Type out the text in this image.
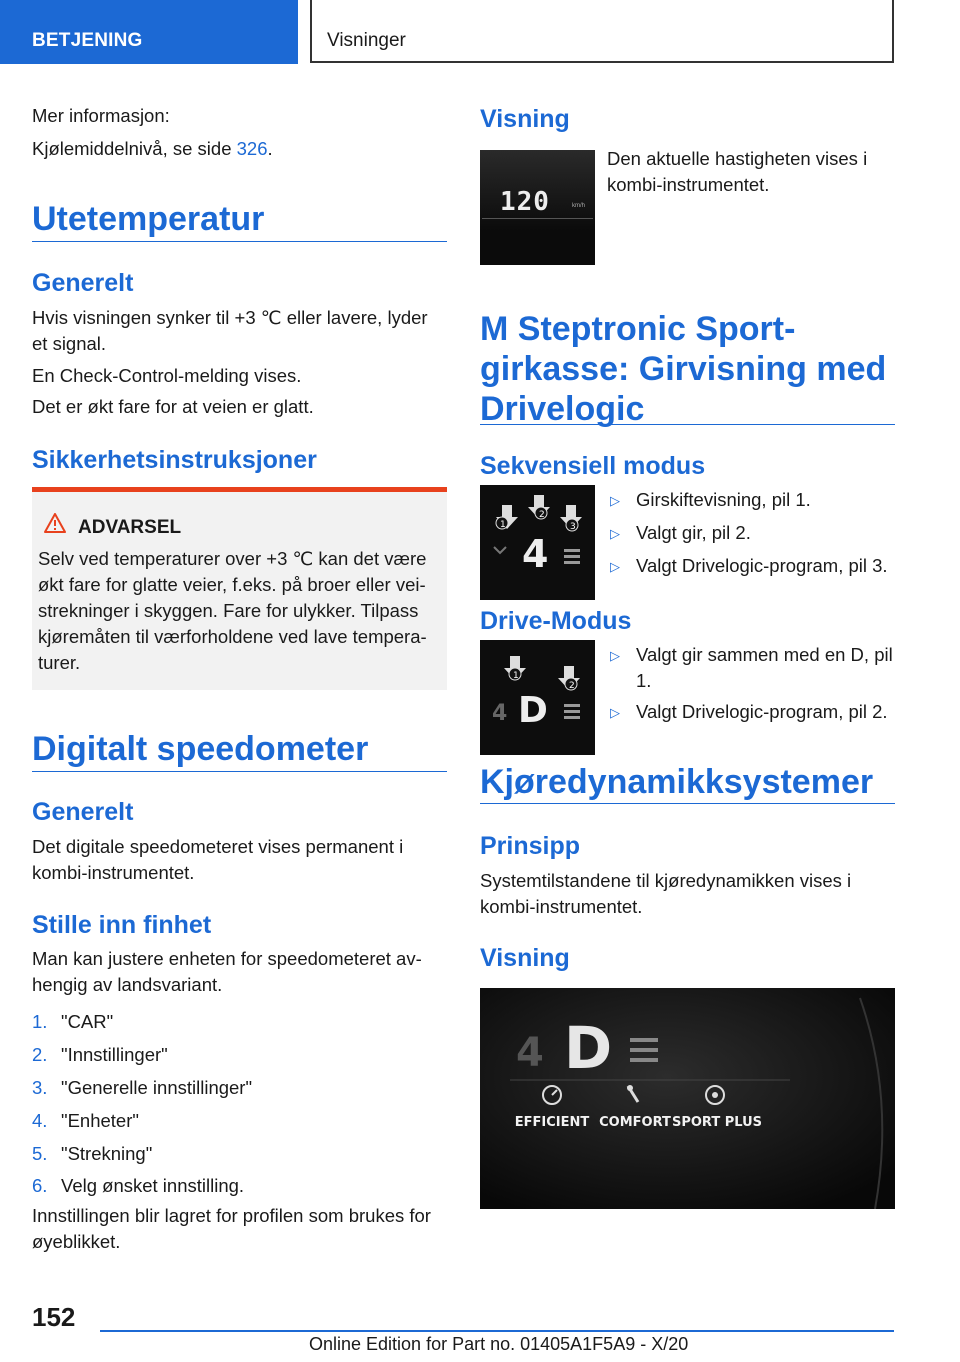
BETJENING	Visninger

Mer informasjon:

Kjølemiddelnivå, se side 326.

Utetemperatur
Generelt

Hvis visningen synker til +3 ℃ eller lavere, lyder et signal.

En Check-Control-melding vises.

Det er økt fare for at veien er glatt.

Sikkerhetsinstruksjoner
ADVARSEL
Selv ved temperaturer over +3 ℃ kan det være økt fare for glatte veier, f.eks. på broer eller veistrekninger i skyggen. Fare for ulykker. Tilpass kjøremåten til værforholdene ved lave temperaturer.
Digitalt speedometer
Generelt

Det digitale speedometeret vises permanent i kombi-instrumentet.

Stille inn finhet

Man kan justere enheten for speedometeret avhengig av landsvariant.

1. "CAR"
2. "Innstillinger"
3. "Generelle innstillinger"
4. "Enheter"
5. "Strekning"
6. Velg ønsket innstilling.

Innstillingen blir lagret for profilen som brukes for øyeblikket.

Visning
120	km/h

Den aktuelle hastigheten vises i kombi-instrumentet.

M Steptronic Sportgirkasse: Girvisning med Drivelogic
Sekvensiell modus
1
2
3
4
▷ Girskiftevisning, pil 1.
▷ Valgt gir, pil 2.
▷ Valgt Drivelogic-program, pil 3.
Drive-Modus
1
2
4 D
▷ Valgt gir sammen med en D, pil 1.
▷ Valgt Drivelogic-program, pil 2.
Kjøredynamikksystemer
Prinsipp

Systemtilstandene til kjøredynamikken vises i kombi-instrumentet.

Visning
4 D
EFFICIENT COMFORT SPORT PLUS
152
Online Edition for Part no. 01405A1F5A9 - X/20
